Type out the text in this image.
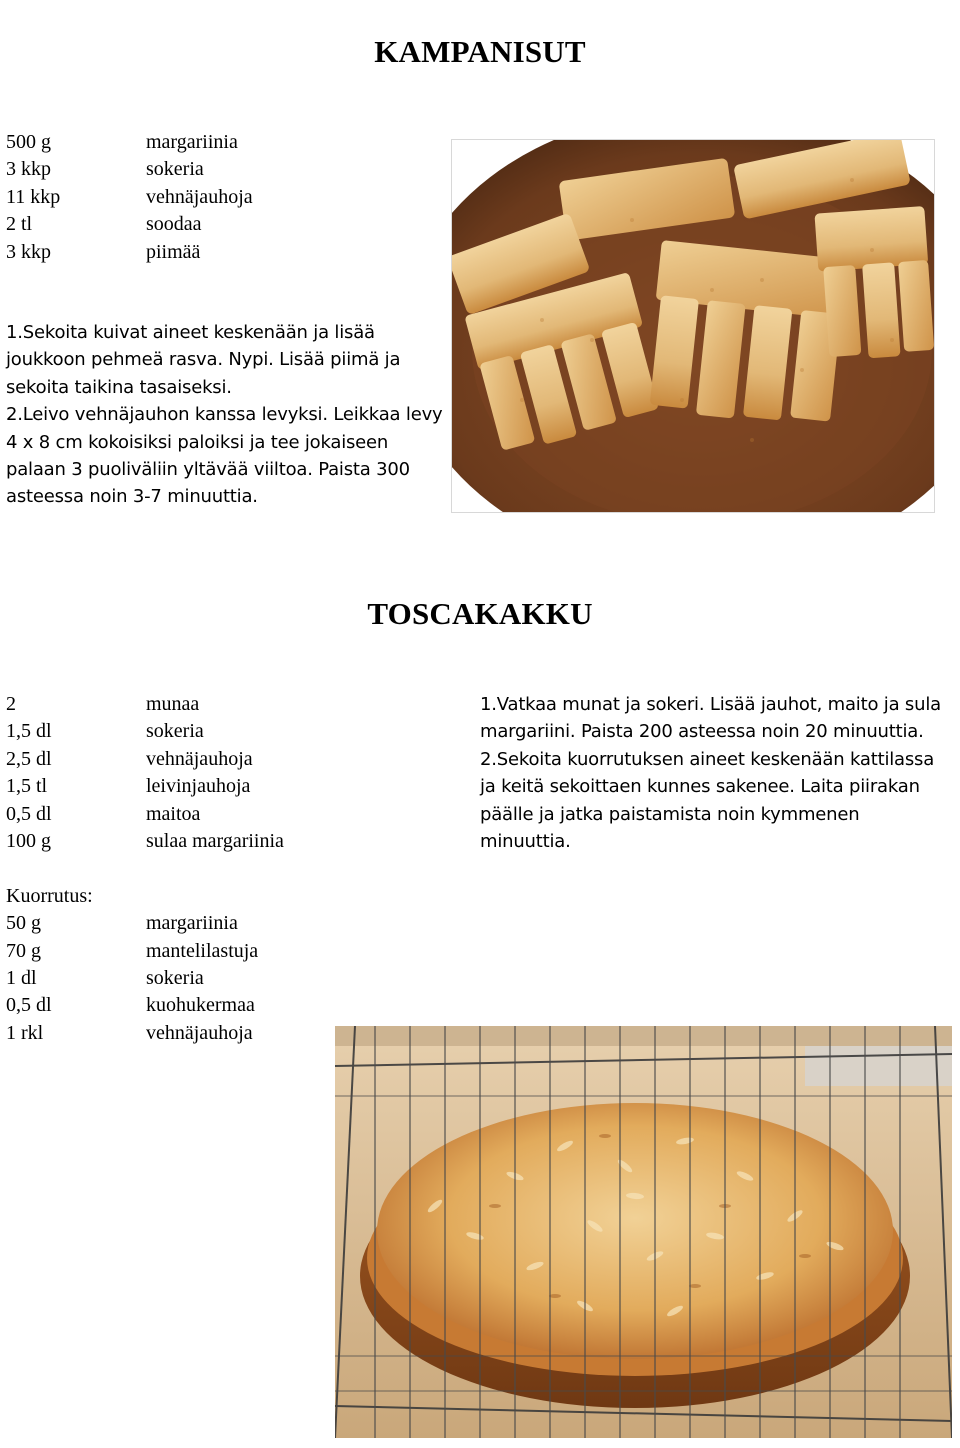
KAMPANISUT
500 g	margariinia
3 kkp	sokeria
11 kkp	vehnäjauhoja
2 tl	soodaa
3 kkp	piimää

1.Sekoita kuivat aineet keskenään ja lisää joukkoon pehmeä rasva. Nypi. Lisää piimä ja sekoita taikina tasaiseksi.

2.Leivo vehnäjauhon kanssa levyksi. Leikkaa levy 4 x 8 cm kokoisiksi paloiksi ja tee jokaiseen palaan 3 puoliväliin yltävää viiltoa. Paista 300 asteessa noin 3-7 minuuttia.

TOSCAKAKKU
2	munaa
1,5 dl	sokeria
2,5 dl	vehnäjauhoja
1,5 tl	leivinjauhoja
0,5 dl	maitoa
100 g	sulaa margariinia
Kuorrutus:
50 g	margariinia
70 g	mantelilastuja
1 dl	sokeria
0,5 dl	kuohukermaa
1 rkl	vehnäjauhoja

1.Vatkaa munat ja sokeri. Lisää jauhot, maito ja sula margariini. Paista 200 asteessa noin 20 minuuttia.

2.Sekoita kuorrutuksen aineet keskenään kattilassa ja keitä sekoittaen kunnes sakenee. Laita piirakan päälle ja jatka paistamista noin kymmenen minuuttia.
